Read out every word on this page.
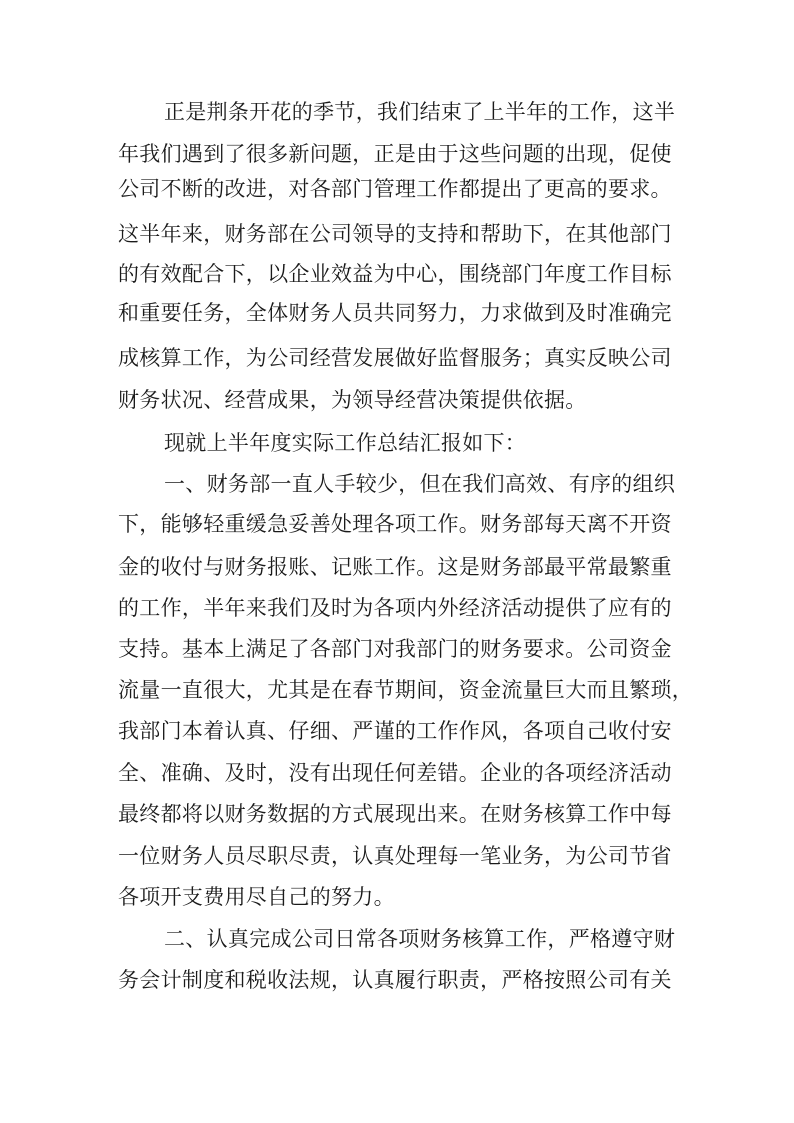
正是荆条开花的季节，我们结束了上半年的工作，这半
年我们遇到了很多新问题，正是由于这些问题的出现，促使
公司不断的改进，对各部门管理工作都提出了更高的要求。
这半年来，财务部在公司领导的支持和帮助下，在其他部门
的有效配合下，以企业效益为中心，围绕部门年度工作目标
和重要任务，全体财务人员共同努力，力求做到及时准确完
成核算工作，为公司经营发展做好监督服务；真实反映公司
财务状况、经营成果，为领导经营决策提供依据。
现就上半年度实际工作总结汇报如下：
一、财务部一直人手较少，但在我们高效、有序的组织
下，能够轻重缓急妥善处理各项工作。财务部每天离不开资
金的收付与财务报账、记账工作。这是财务部最平常最繁重
的工作，半年来我们及时为各项内外经济活动提供了应有的
支持。基本上满足了各部门对我部门的财务要求。公司资金
流量一直很大，尤其是在春节期间，资金流量巨大而且繁琐，
我部门本着认真、仔细、严谨的工作作风，各项自己收付安
全、准确、及时，没有出现任何差错。企业的各项经济活动
最终都将以财务数据的方式展现出来。在财务核算工作中每
一位财务人员尽职尽责，认真处理每一笔业务，为公司节省
各项开支费用尽自己的努力。
二、认真完成公司日常各项财务核算工作，严格遵守财
务会计制度和税收法规，认真履行职责，严格按照公司有关
